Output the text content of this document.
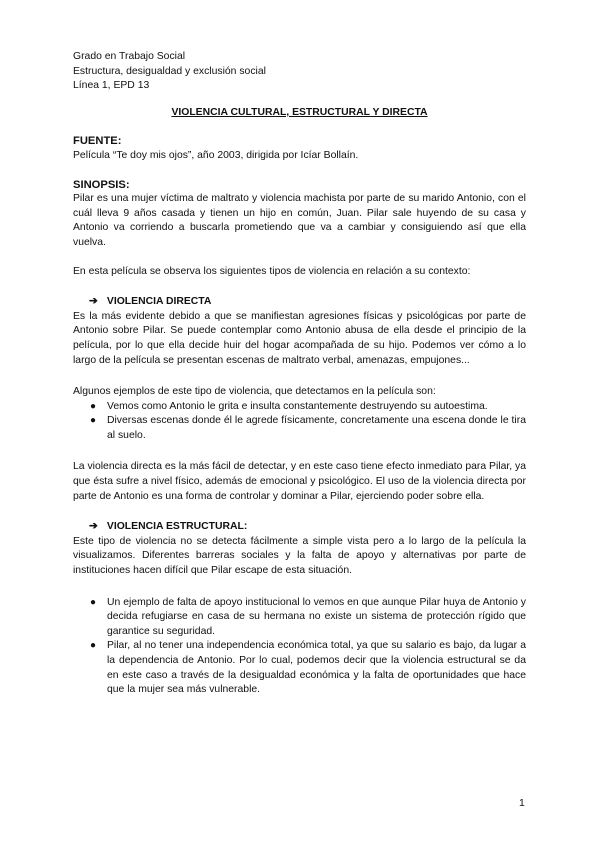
Grado en Trabajo Social
Estructura, desigualdad y exclusión social
Línea 1, EPD 13
VIOLENCIA CULTURAL, ESTRUCTURAL Y DIRECTA
FUENTE:

Película “Te doy mis ojos”, año 2003, dirigida por Icíar Bollaín.

SINOPSIS:

Pilar es una mujer víctima de maltrato y violencia machista por parte de su marido Antonio, con el cuál lleva 9 años casada y tienen un hijo en común, Juan. Pilar sale huyendo de su casa y Antonio va corriendo a buscarla prometiendo que va a cambiar y consiguiendo así que ella vuelva.

En esta película se observa los siguientes tipos de violencia en relación a su contexto:

➔ VIOLENCIA DIRECTA

Es la más evidente debido a que se manifiestan agresiones físicas y psicológicas por parte de Antonio sobre Pilar. Se puede contemplar como Antonio abusa de ella desde el principio de la película, por lo que ella decide huir del hogar acompañada de su hijo. Podemos ver cómo a lo largo de la película se presentan escenas de maltrato verbal, amenazas, empujones...

Algunos ejemplos de este tipo de violencia, que detectamos en la película son:

● Vemos como Antonio le grita e insulta constantemente destruyendo su autoestima.
● Diversas escenas donde él le agrede físicamente, concretamente una escena donde le tira al suelo.

La violencia directa es la más fácil de detectar, y en este caso tiene efecto inmediato para Pilar, ya que ésta sufre a nivel físico, además de emocional y psicológico. El uso de la violencia directa por parte de Antonio es una forma de controlar y dominar a Pilar, ejerciendo poder sobre ella.

➔ VIOLENCIA ESTRUCTURAL:

Este tipo de violencia no se detecta fácilmente a simple vista pero a lo largo de la película la visualizamos. Diferentes barreras sociales y la falta de apoyo y alternativas por parte de instituciones hacen difícil que Pilar escape de esta situación.

● Un ejemplo de falta de apoyo institucional lo vemos en que aunque Pilar huya de Antonio y decida refugiarse en casa de su hermana no existe un sistema de protección rígido que garantice su seguridad.
● Pilar, al no tener una independencia económica total, ya que su salario es bajo, da lugar a la dependencia de Antonio. Por lo cual, podemos decir que la violencia estructural se da en este caso a través de la desigualdad económica y la falta de oportunidades que hace que la mujer sea más vulnerable.
1
